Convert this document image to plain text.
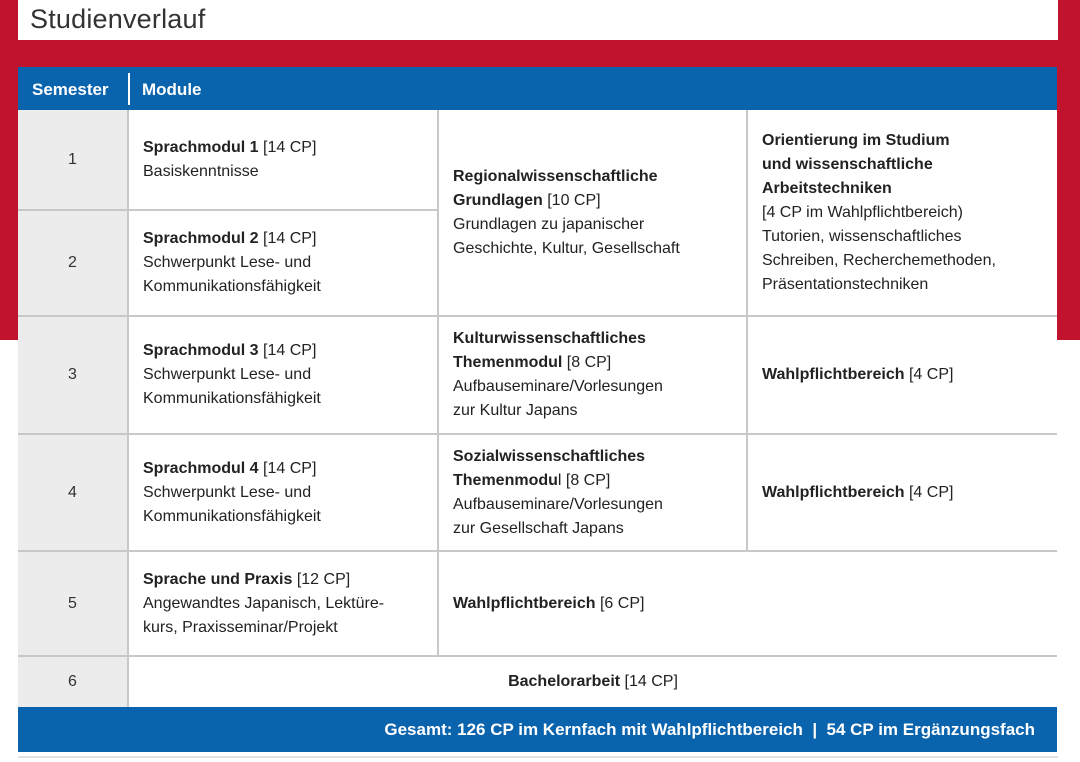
Studienverlauf
Semester Module
1
2
3
4
5
6
Sprachmodul 1 [14 CP]
Basiskenntnisse
Sprachmodul 2 [14 CP]
Schwerpunkt Lese- und
Kommunikationsfähigkeit
Regionalwissenschaftliche
Grundlagen [10 CP]
Grundlagen zu japanischer
Geschichte, Kultur, Gesellschaft
Orientierung im Studium
und wissenschaftliche
Arbeitstechniken
[4 CP im Wahlpflichtbereich)
Tutorien, wissenschaftliches
Schreiben, Recherchemethoden,
Präsentationstechniken
Sprachmodul 3 [14 CP]
Schwerpunkt Lese- und
Kommunikationsfähigkeit
Kulturwissenschaftliches
Themenmodul [8 CP]
Aufbauseminare/Vorlesungen
zur Kultur Japans
Wahlpflichtbereich [4 CP]
Sprachmodul 4 [14 CP]
Schwerpunkt Lese- und
Kommunikationsfähigkeit
Sozialwissenschaftliches
Themenmodul [8 CP]
Aufbauseminare/Vorlesungen
zur Gesellschaft Japans
Wahlpflichtbereich [4 CP]
Sprache und Praxis [12 CP]
Angewandtes Japanisch, Lektüre-
kurs, Praxisseminar/Projekt
Wahlpflichtbereich [6 CP]
Bachelorarbeit [14 CP]
Gesamt: 126 CP im Kernfach mit Wahlpflichtbereich  |  54 CP im Ergänzungsfach
